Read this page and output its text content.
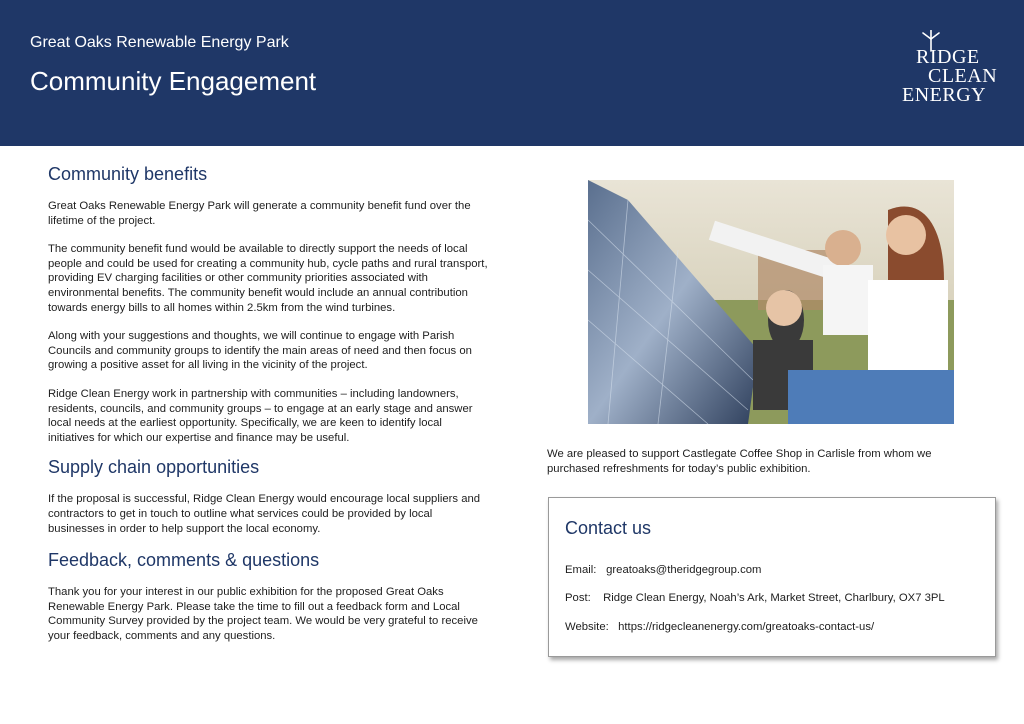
Great Oaks Renewable Energy Park
Community Engagement
RIDGE
CLEAN
ENERGY
Community benefits

Great Oaks Renewable Energy Park will generate a community benefit fund over the lifetime of the project.

The community benefit fund would be available to directly support the needs of local people and could be used for creating a community hub, cycle paths and rural transport, providing EV charging facilities or other community priorities associated with environmental benefits. The community benefit would include an annual contribution towards energy bills to all homes within 2.5km from the wind turbines.

Along with your suggestions and thoughts, we will continue to engage with Parish Councils and community groups to identify the main areas of need and then focus on growing a positive asset for all living in the vicinity of the project.

Ridge Clean Energy work in partnership with communities – including landowners, residents, councils, and community groups – to engage at an early stage and answer local needs at the earliest opportunity. Specifically, we are keen to identify local initiatives for which our expertise and finance may be useful.

Supply chain opportunities

If the proposal is successful, Ridge Clean Energy would encourage local suppliers and contractors to get in touch to outline what services could be provided by local businesses in order to help support the local economy.

Feedback, comments & questions

Thank you for your interest in our public exhibition for the proposed Great Oaks Renewable Energy Park. Please take the time to fill out a feedback form and Local Community Survey provided by the project team. We would be very grateful to receive your feedback, comments and any questions.

We are pleased to support Castlegate Coffee Shop in Carlisle from whom we purchased refreshments for today’s public exhibition.
Contact us
Email: greatoaks@theridgegroup.com
Post: Ridge Clean Energy, Noah’s Ark, Market Street, Charlbury, OX7 3PL
Website: https://ridgecleanenergy.com/greatoaks-contact-us/
